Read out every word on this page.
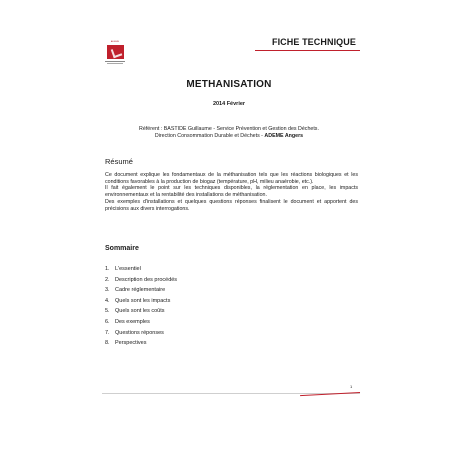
ADEME	FICHE TECHNIQUE
METHANISATION
2014 Février
Référent : BASTIDE Guillaume - Service Prévention et Gestion des Déchets.
Direction Consommation Durable et Déchets - ADEME Angers
Résumé

Ce document explique les fondamentaux de la méthanisation tels que les réactions biologiques et les conditions favorables à la production de biogaz (température, pH, milieu anaérobie, etc.).

Il fait également le point sur les techniques disponibles, la réglementation en place, les impacts environnementaux et la rentabilité des installations de méthanisation.

Des exemples d'installations et quelques questions réponses finalisent le document et apportent des précisions aux divers interrogations.

Sommaire
1. L'essentiel
2. Description des procédés
3. Cadre réglementaire
4. Quels sont les impacts
5. Quels sont les coûts
6. Des exemples
7. Questions réponses
8. Perspectives
1
